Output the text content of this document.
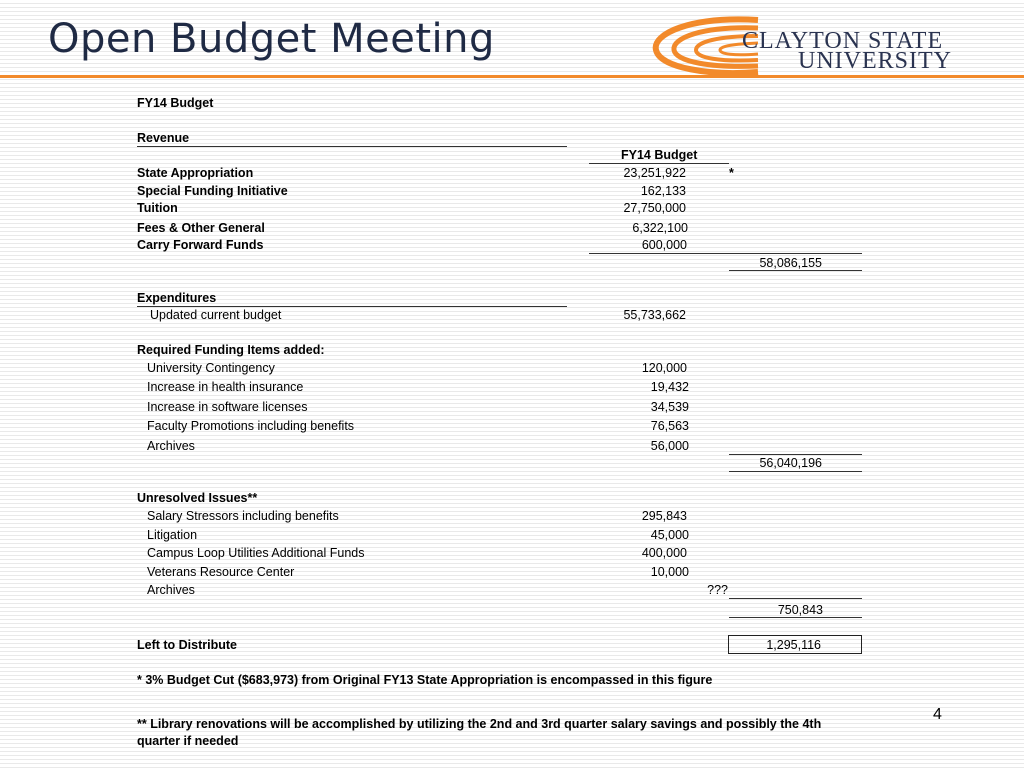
Open Budget Meeting	CLAYTON STATE
UNIVERSITY
FY14 Budget
Revenue
FY14 Budget
State Appropriation	23,251,922	*
Special Funding Initiative	162,133
Tuition	27,750,000
Fees & Other General	6,322,100
Carry Forward Funds	600,000
58,086,155
Expenditures
Updated current budget	55,733,662
Required Funding Items added:
University Contingency	120,000
Increase in health insurance	19,432
Increase in software licenses	34,539
Faculty Promotions including benefits	76,563
Archives	56,000
56,040,196
Unresolved Issues**
Salary Stressors including benefits	295,843
Litigation	45,000
Campus Loop Utilities Additional Funds	400,000
Veterans Resource Center	10,000
Archives	???
750,843
Left to Distribute	1,295,116
* 3% Budget Cut ($683,973) from Original FY13 State Appropriation is encompassed in this figure
** Library renovations will be accomplished by utilizing the 2nd and 3rd quarter salary savings and possibly the 4th quarter if needed
4
